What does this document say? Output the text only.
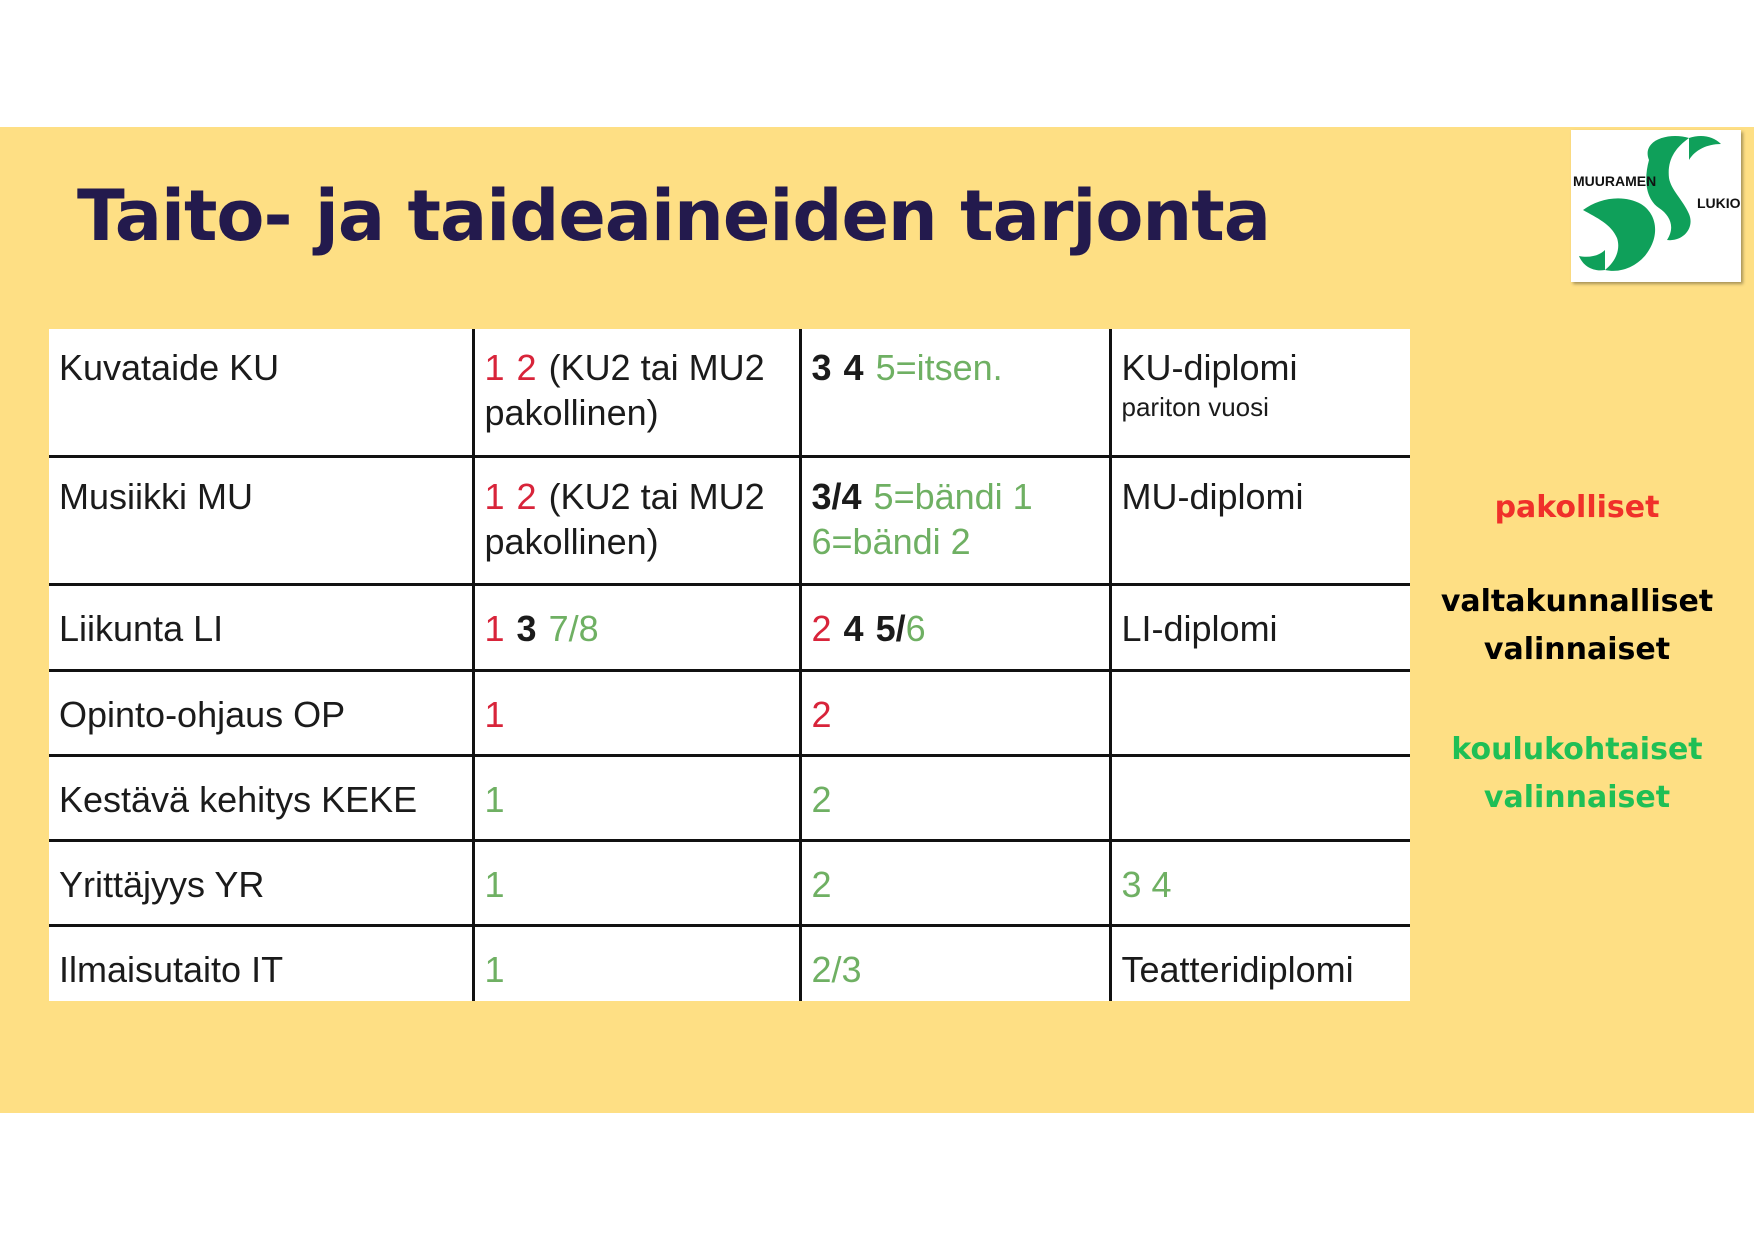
Taito- ja taideaineiden tarjonta	MUURAMEN
LUKIO
Kuvataide KU	1 2 (KU2 tai MU2 pakollinen)	3 4 5=itsen.	KU-diplomi
pariton vuosi

Musiikki MU	1 2 (KU2 tai MU2 pakollinen)	3/4 5=bändi 16=bändi 2	MU-diplomi
Liikunta LI	1 3 7/8	2 4 5/6	LI-diplomi
Opinto-ohjaus OP	1	2	
Kestävä kehitys KEKE	1	2	
Yrittäjyys YR	1	2	3 4
Ilmaisutaito IT	1	2/3	Teatteridiplomi
pakolliset
valtakunnalliset
valinnaiset
koulukohtaiset
valinnaiset
